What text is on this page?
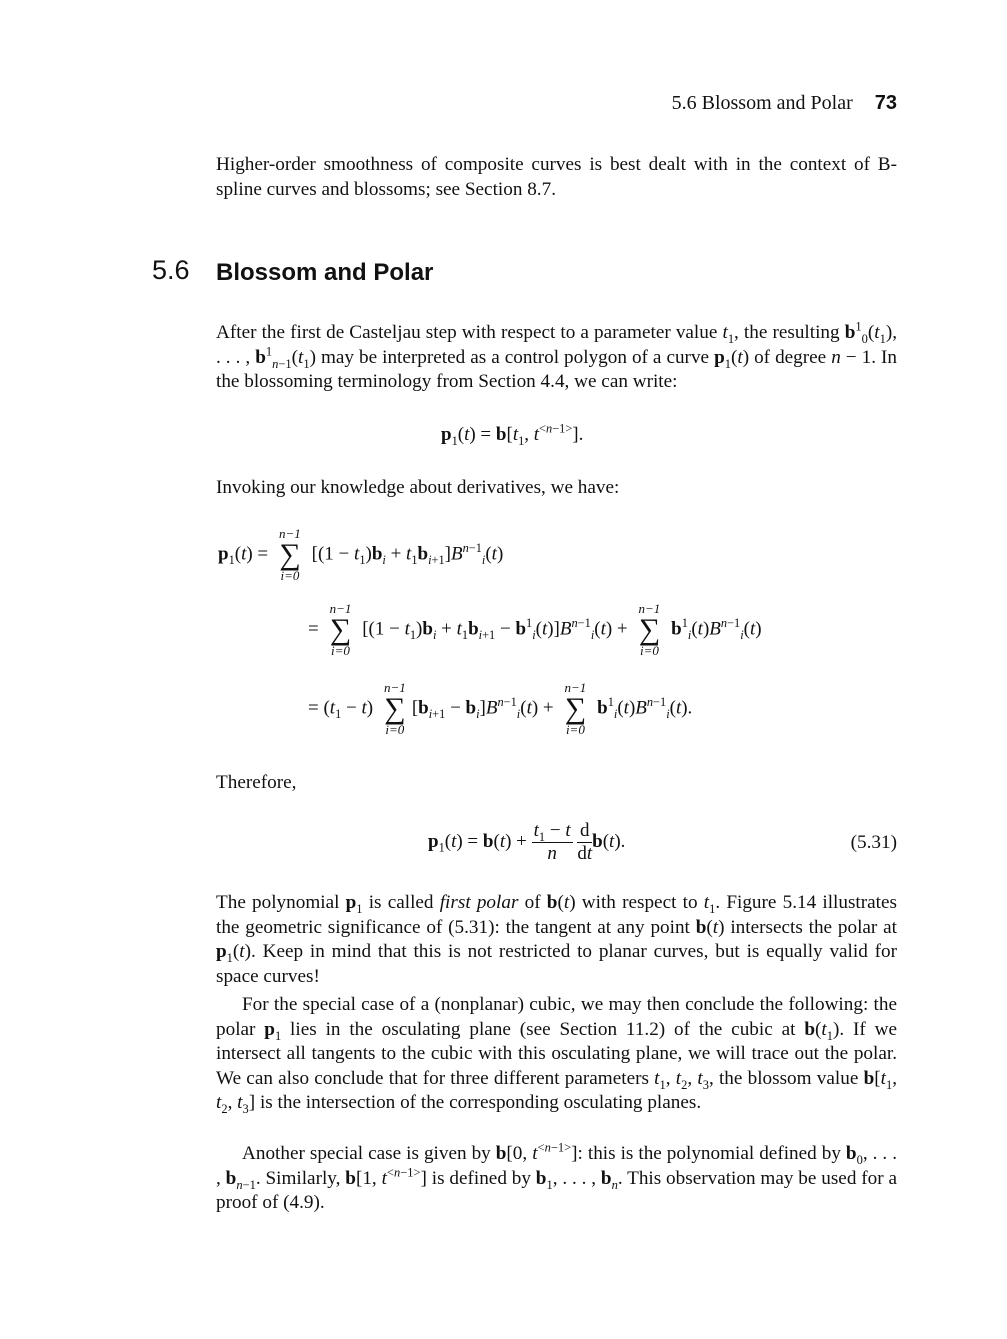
5.6 Blossom and Polar 73
Higher-order smoothness of composite curves is best dealt with in the context of B-spline curves and blossoms; see Section 8.7.
5.6 Blossom and Polar
After the first de Casteljau step with respect to a parameter value $t_1$, the resulting $b^1_0(t_1)$, . . . , $b^1_{n-1}(t_1)$ may be interpreted as a control polygon of a curve $p_1(t)$ of degree n − 1. In the blossoming terminology from Section 4.4, we can write:
$p_1(t) = b[t_1$, $t^{<n-1>}$].
Invoking our knowledge about derivatives, we have:
$p_1(t)$ =
n−1
∑
i=0
$[(1 - t_1)b_i + t_1b_{i+1}]B^{n-1}_i(t)$
=
n−1
∑
i=0
$[(1 - t_1)b_i + t_1b_{i+1} - b^1_i(t)]B^{n-1}_i(t)$ +
n−1
∑
i=0
$b^1_i(t)B^{n-1}_i(t)$
= $(t_1 - t)$
n−1
∑
i=0
$[b_{i+1} - b_i]B^{n-1}_i(t)$ +
n−1
∑
i=0
$b^1_i(t)B^{n-1}_i(t)$.
Therefore,
$p_1(t) = b(t) + \frac{t_1 - t}{n}$
$\frac{d}{dt} b(t)$.	(5.31)
The polynomial $p_1$ is called first polar of b(t) with respect to $t_1$. Figure 5.14 illustrates the geometric significance of (5.31): the tangent at any point b(t) intersects the polar at $p_1(t)$. Keep in mind that this is not restricted to planar curves, but is equally valid for space curves!
For the special case of a (nonplanar) cubic, we may then conclude the following: the polar $p_1$ lies in the osculating plane (see Section 11.2) of the cubic at $b(t_1)$. If we intersect all tangents to the cubic with this osculating plane, we will trace out the polar. We can also conclude that for three different parameters $t_1$, $t_2$, $t_3$, the blossom value $b[t_1$, $t_2$, $t_3$] is the intersection of the corresponding osculating planes.
Another special case is given by b[0, $t^{<n-1>}$]: this is the polynomial defined by $b_0$, . . . , $b_{n-1}$. Similarly, b[1, $t^{<n-1>}$] is defined by $b_1$, . . . , $b_n$. This observation may be used for a proof of (4.9).
